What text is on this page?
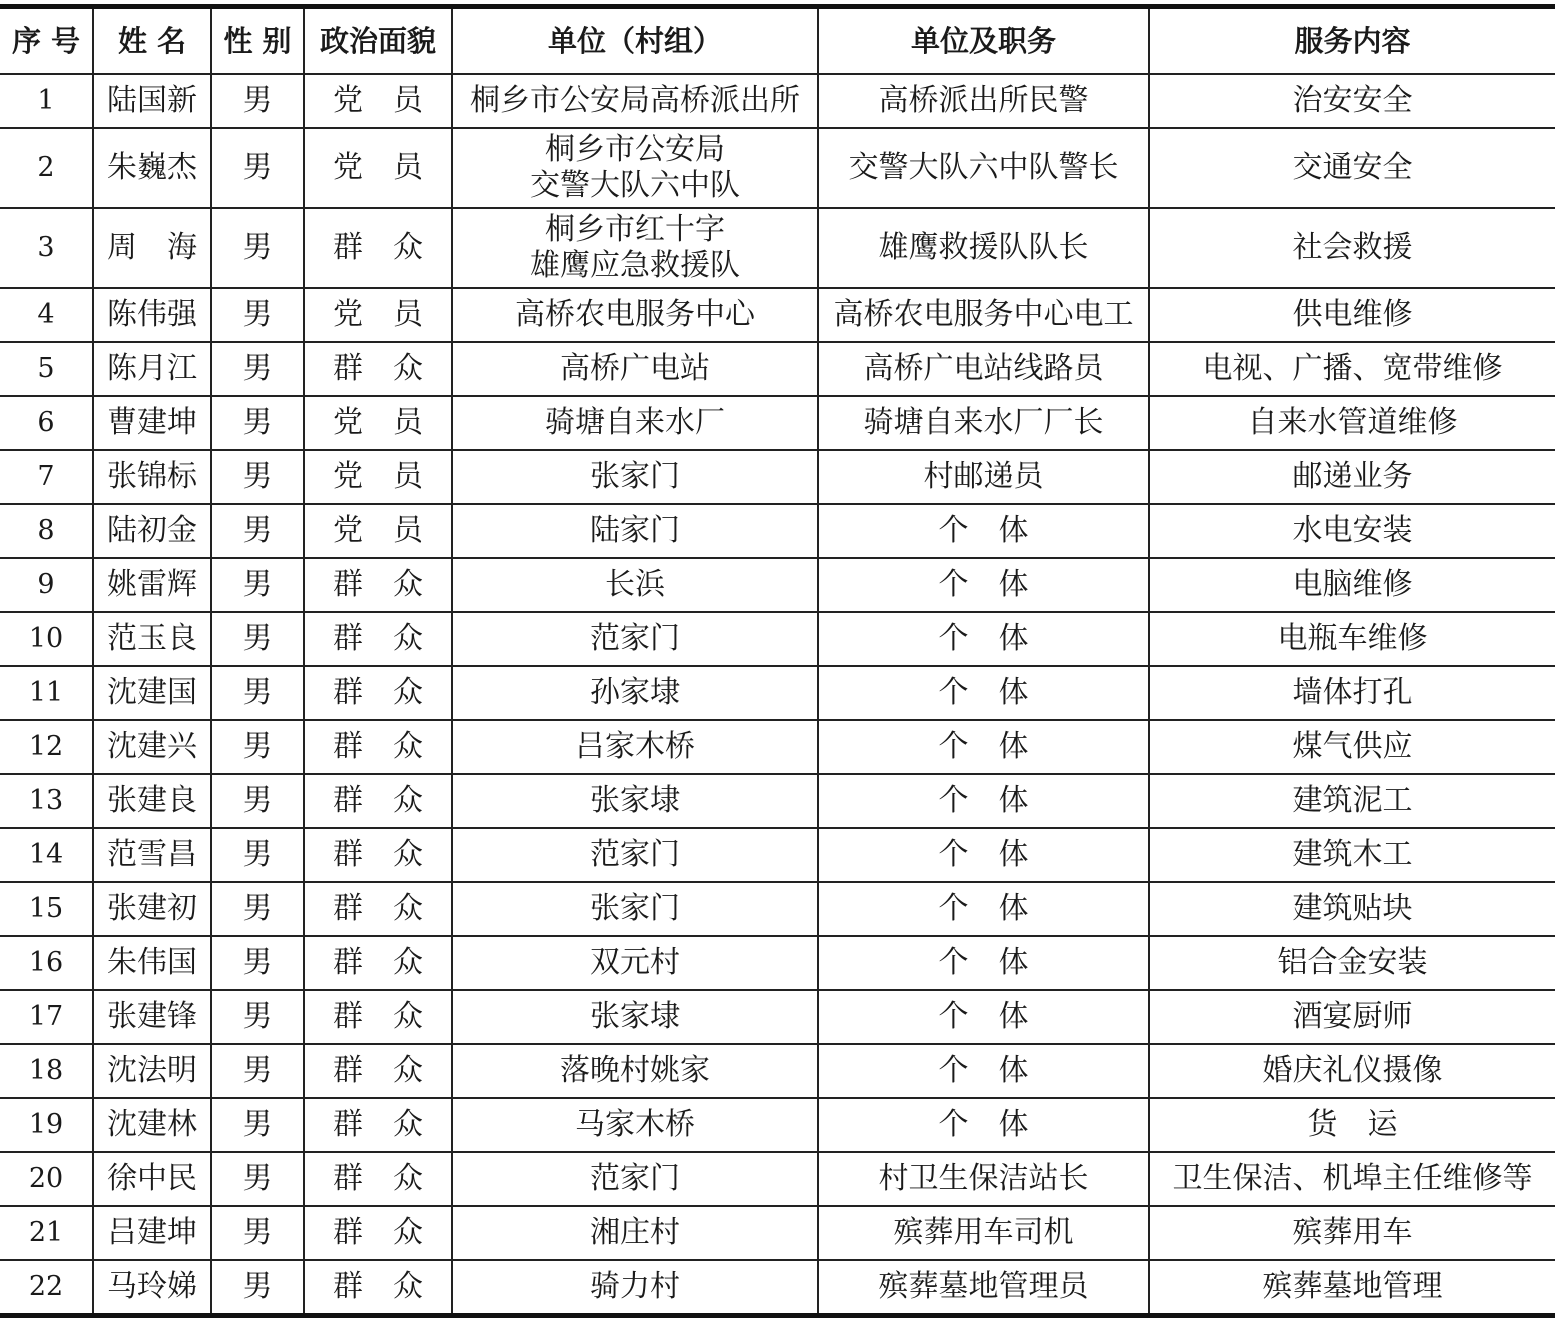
序 号	姓 名	性 别	政治面貌	单位（村组）	单位及职务	服务内容
1	陆国新	男	党　员	桐乡市公安局高桥派出所	高桥派出所民警	治安安全
2	朱巍杰	男	党　员	桐乡市公安局
交警大队六中队	交警大队六中队警长	交通安全
3	周　海	男	群　众	桐乡市红十字
雄鹰应急救援队	雄鹰救援队队长	社会救援
4	陈伟强	男	党　员	高桥农电服务中心	高桥农电服务中心电工	供电维修
5	陈月江	男	群　众	高桥广电站	高桥广电站线路员	电视、广播、宽带维修
6	曹建坤	男	党　员	骑塘自来水厂	骑塘自来水厂厂长	自来水管道维修
7	张锦标	男	党　员	张家门	村邮递员	邮递业务
8	陆初金	男	党　员	陆家门	个　体	水电安装
9	姚雷辉	男	群　众	长浜	个　体	电脑维修
10	范玉良	男	群　众	范家门	个　体	电瓶车维修
11	沈建国	男	群　众	孙家埭	个　体	墙体打孔
12	沈建兴	男	群　众	吕家木桥	个　体	煤气供应
13	张建良	男	群　众	张家埭	个　体	建筑泥工
14	范雪昌	男	群　众	范家门	个　体	建筑木工
15	张建初	男	群　众	张家门	个　体	建筑贴块
16	朱伟国	男	群　众	双元村	个　体	铝合金安装
17	张建锋	男	群　众	张家埭	个　体	酒宴厨师
18	沈法明	男	群　众	落晚村姚家	个　体	婚庆礼仪摄像
19	沈建林	男	群　众	马家木桥	个　体	货　运
20	徐中民	男	群　众	范家门	村卫生保洁站长	卫生保洁、机埠主任维修等
21	吕建坤	男	群　众	湘庄村	殡葬用车司机	殡葬用车
22	马玲娣	男	群　众	骑力村	殡葬墓地管理员	殡葬墓地管理
